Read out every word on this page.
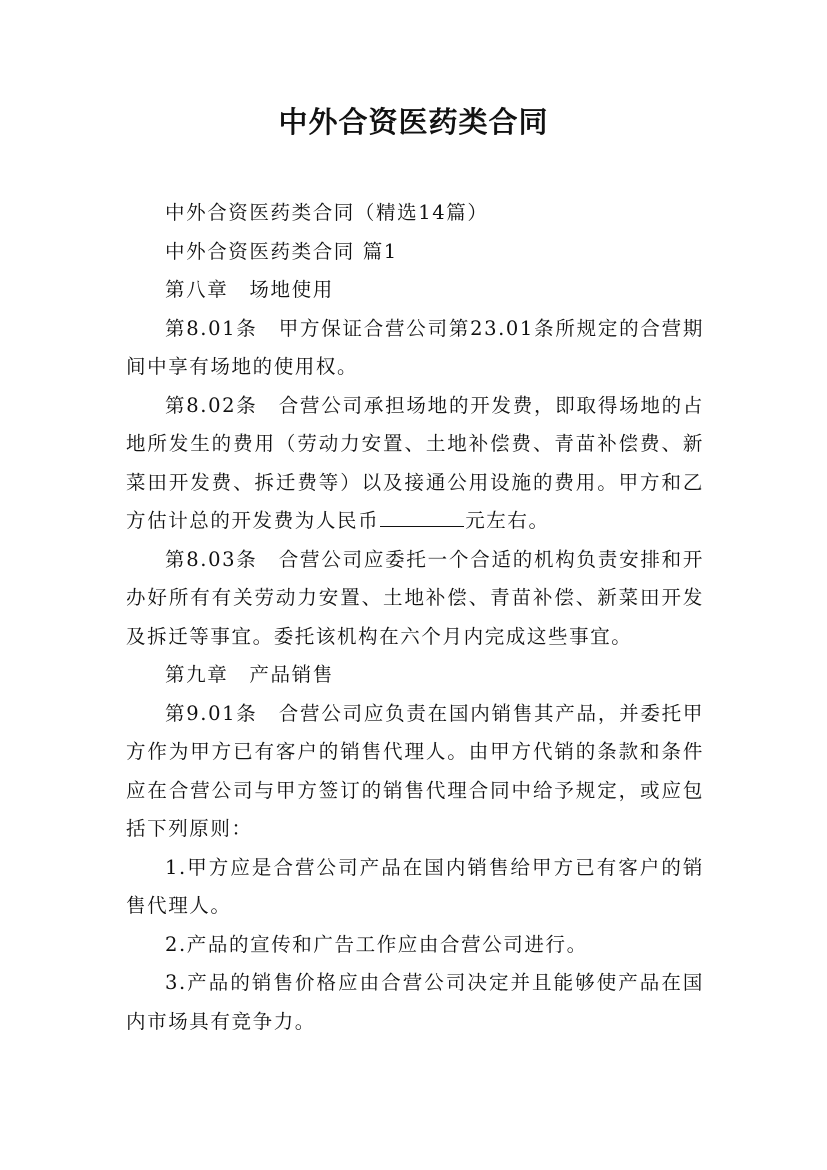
中外合资医药类合同

中外合资医药类合同（精选14篇）

中外合资医药类合同 篇1

第八章　场地使用

第8.01条　甲方保证合营公司第23.01条所规定的合营期间中享有场地的使用权。

第8.02条　合营公司承担场地的开发费，即取得场地的占地所发生的费用（劳动力安置、土地补偿费、青苗补偿费、新菜田开发费、拆迁费等）以及接通公用设施的费用。甲方和乙方估计总的开发费为人民币	元左右。

第8.03条　合营公司应委托一个合适的机构负责安排和开办好所有有关劳动力安置、土地补偿、青苗补偿、新菜田开发及拆迁等事宜。委托该机构在六个月内完成这些事宜。

第九章　产品销售

第9.01条　合营公司应负责在国内销售其产品，并委托甲方作为甲方已有客户的销售代理人。由甲方代销的条款和条件应在合营公司与甲方签订的销售代理合同中给予规定，或应包括下列原则：

1.甲方应是合营公司产品在国内销售给甲方已有客户的销售代理人。

2.产品的宣传和广告工作应由合营公司进行。

3.产品的销售价格应由合营公司决定并且能够使产品在国内市场具有竞争力。
